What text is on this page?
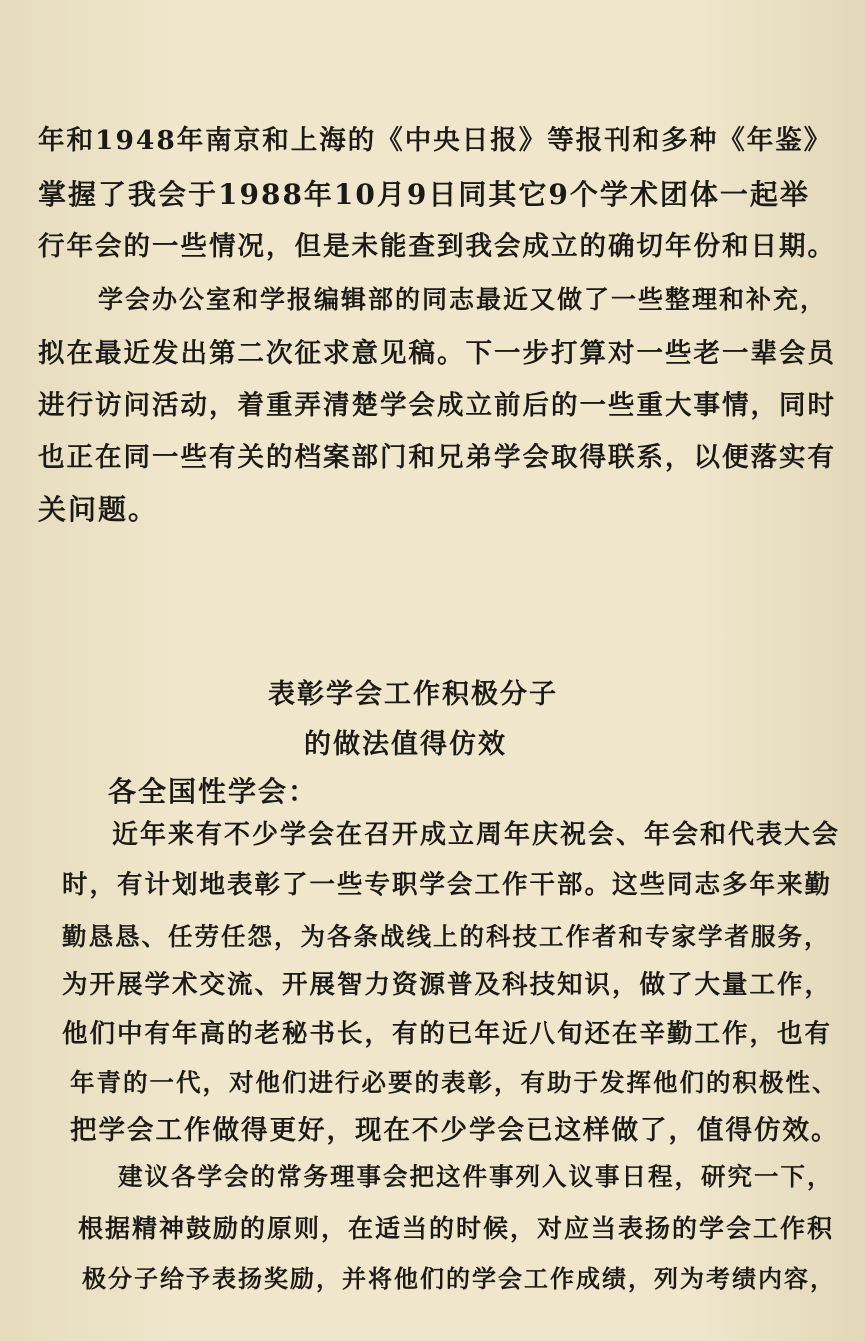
年和1948年南京和上海的《中央日报》等报刊和多种《年鉴》
掌握了我会于1988年10月9日同其它9个学术团体一起举
行年会的一些情况，但是未能查到我会成立的确切年份和日期。
学会办公室和学报编辑部的同志最近又做了一些整理和补充，
拟在最近发出第二次征求意见稿。下一步打算对一些老一辈会员
进行访问活动，着重弄清楚学会成立前后的一些重大事情，同时
也正在同一些有关的档案部门和兄弟学会取得联系，以便落实有
关问题。
表彰学会工作积极分子
的做法值得仿效
各全国性学会：
近年来有不少学会在召开成立周年庆祝会、年会和代表大会
时，有计划地表彰了一些专职学会工作干部。这些同志多年来勤
勤恳恳、任劳任怨，为各条战线上的科技工作者和专家学者服务，
为开展学术交流、开展智力资源普及科技知识，做了大量工作，
他们中有年高的老秘书长，有的已年近八旬还在辛勤工作，也有
年青的一代，对他们进行必要的表彰，有助于发挥他们的积极性、
把学会工作做得更好，现在不少学会已这样做了，值得仿效。
建议各学会的常务理事会把这件事列入议事日程，研究一下，
根据精神鼓励的原则，在适当的时候，对应当表扬的学会工作积
极分子给予表扬奖励，并将他们的学会工作成绩，列为考绩内容，
